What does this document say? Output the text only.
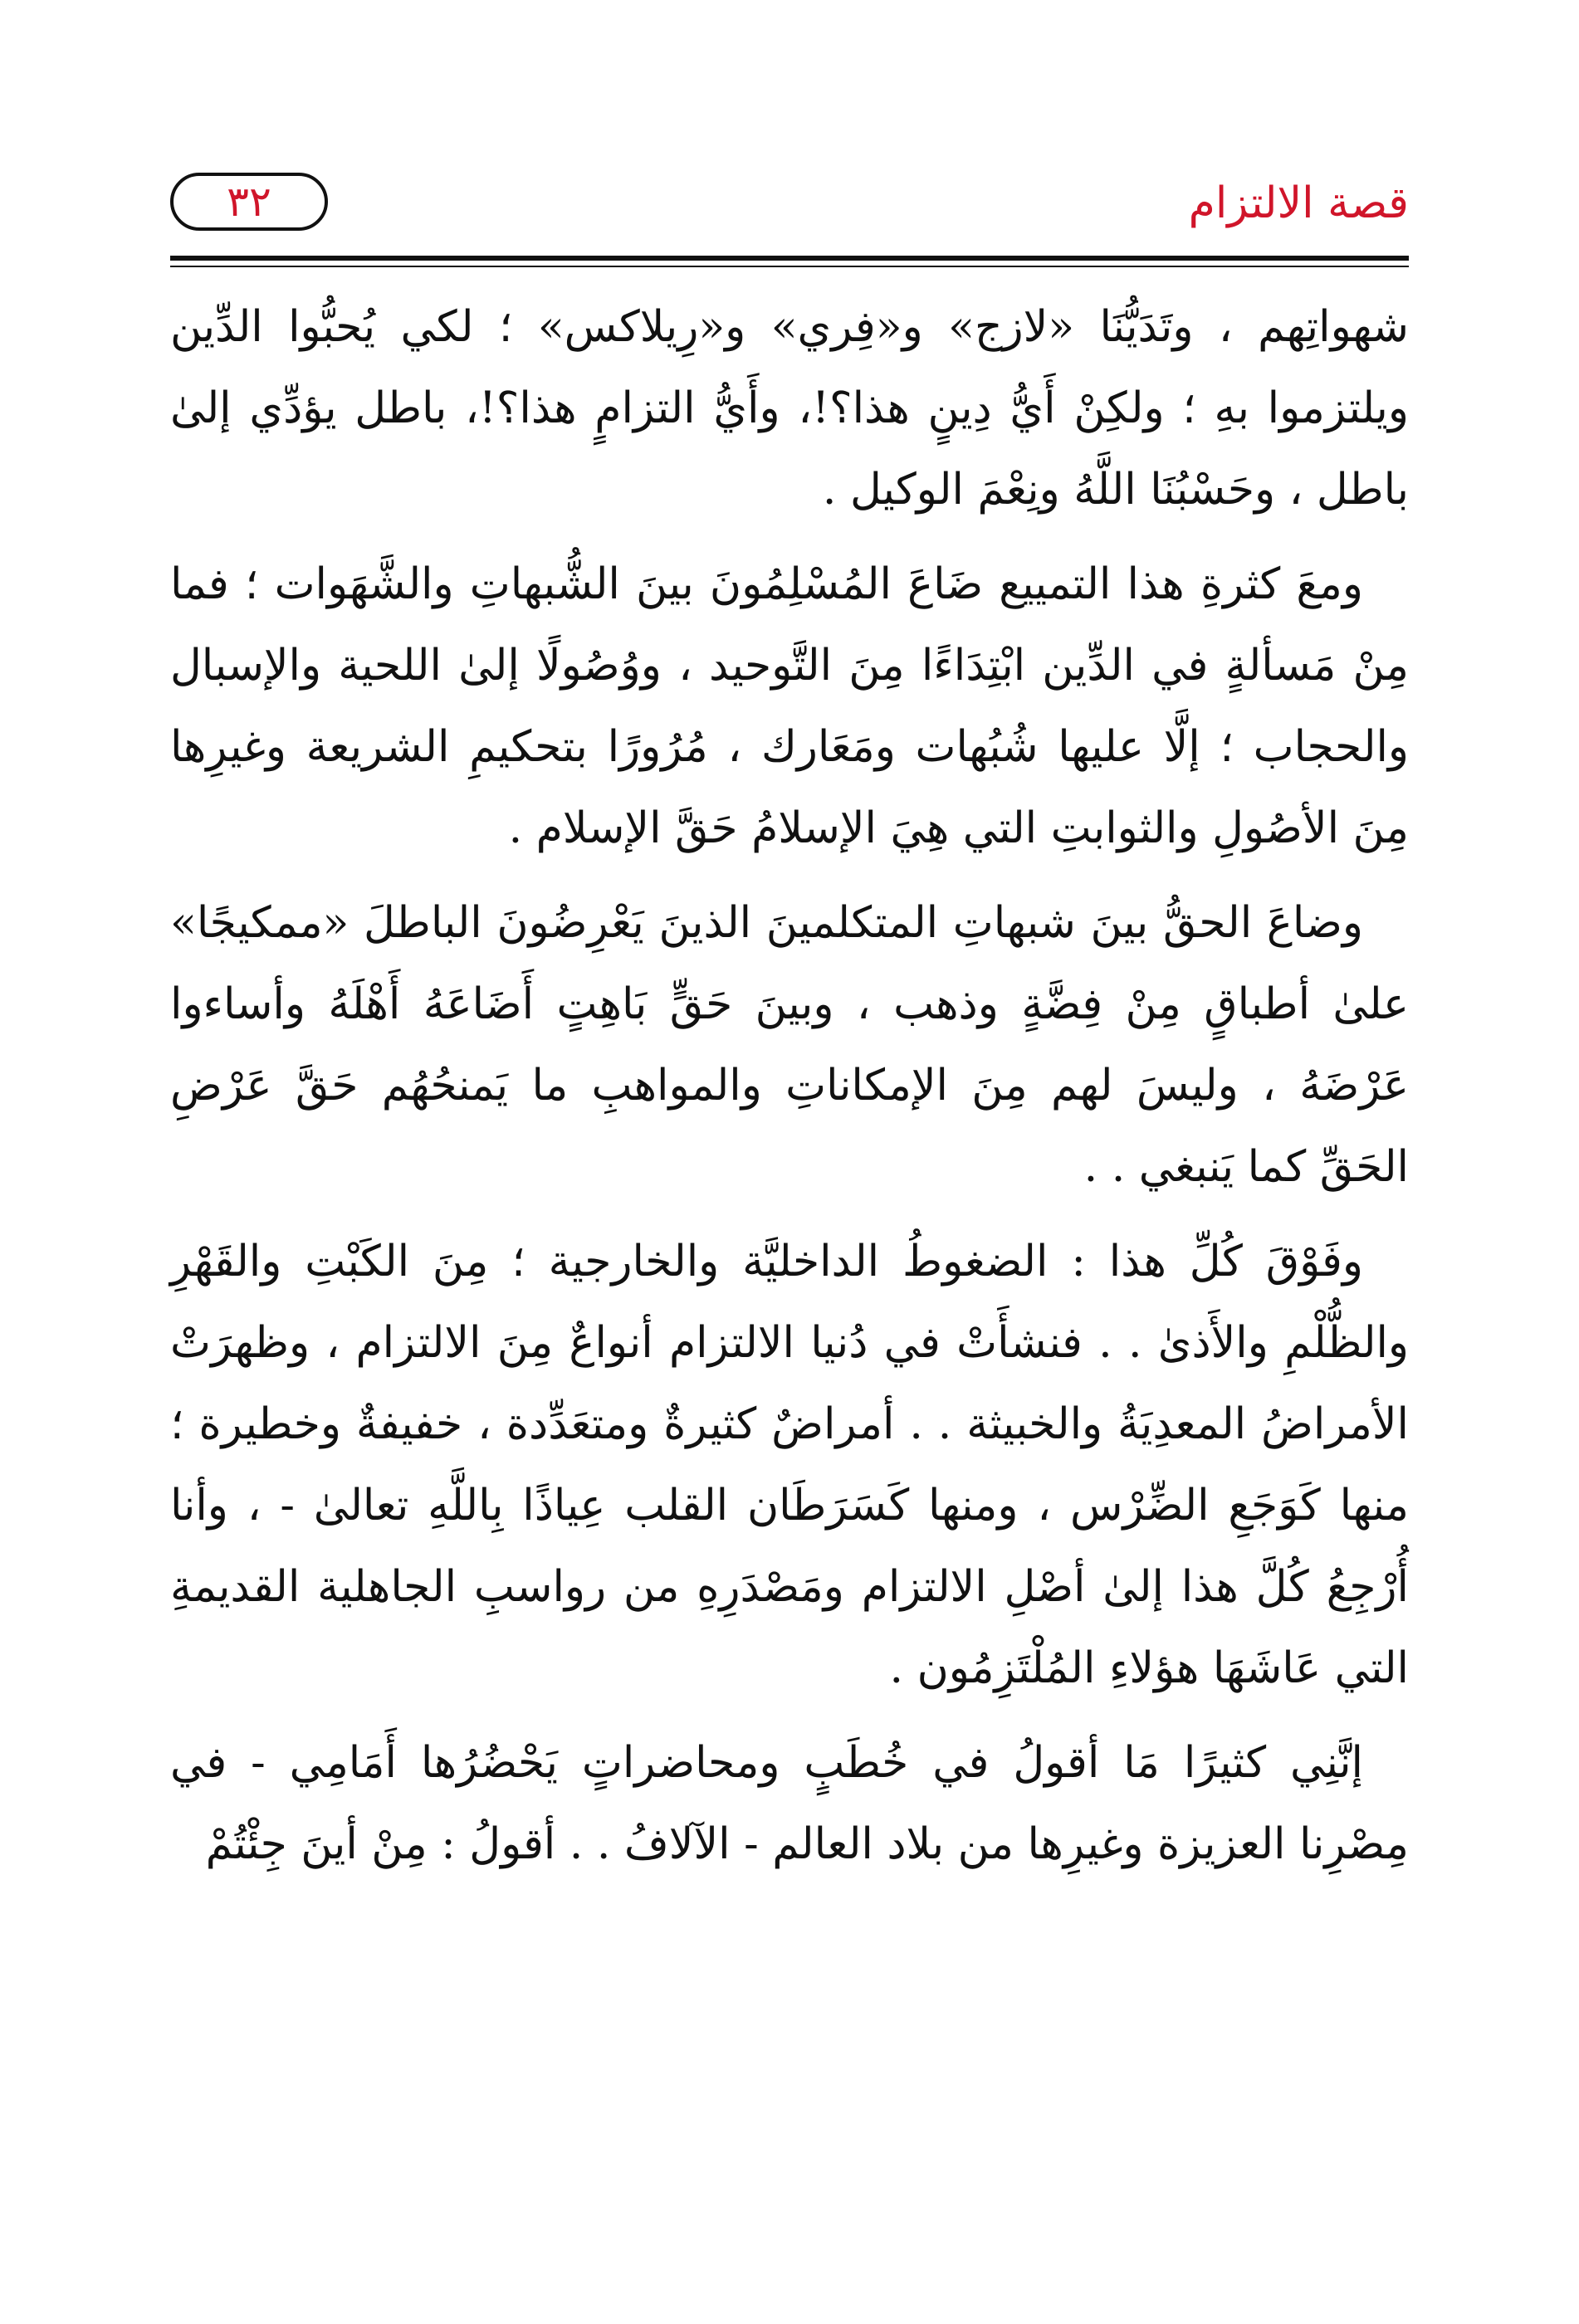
قصة الالتزام
٣٢

شهواتِهم ، وتَدَيُّنَا «لازج» و«فِري» و«رِيلاكس» ؛ لكي يُحبُّوا الدِّين ويلتزموا بهِ ؛ ولكِنْ أَيُّ دِينٍ هذا؟!، وأَيُّ التزامٍ هذا؟!، باطل يؤدِّي إلىٰ باطل ، وحَسْبُنَا اللَّهُ ونِعْمَ الوكيل .

ومعَ كثرةِ هذا التمييع ضَاعَ المُسْلِمُونَ بينَ الشُّبهاتِ والشَّهَوات ؛ فما مِنْ مَسألةٍ في الدِّين ابْتِدَاءًا مِنَ التَّوحيد ، ووُصُولًا إلىٰ اللحية والإسبال والحجاب ؛ إلَّا عليها شُبُهات ومَعَارك ، مُرُورًا بتحكيمِ الشريعة وغيرِها مِنَ الأصُولِ والثوابتِ التي هِيَ الإسلامُ حَقَّ الإسلام .

وضاعَ الحقُّ بينَ شبهاتِ المتكلمينَ الذينَ يَعْرِضُونَ الباطلَ «ممكيجًا» علىٰ أطباقٍ مِنْ فِضَّةٍ وذهب ، وبينَ حَقٍّ بَاهِتٍ أَضَاعَهُ أَهْلَهُ وأساءوا عَرْضَهُ ، وليسَ لهم مِنَ الإمكاناتِ والمواهبِ ما يَمنحُهُم حَقَّ عَرْضِ الحَقِّ كما يَنبغي . .

وفَوْقَ كُلِّ هذا : الضغوطُ الداخليَّة والخارجية ؛ مِنَ الكَبْتِ والقَهْرِ والظُّلْمِ والأَذىٰ . . فنشأَتْ في دُنيا الالتزام أنواعٌ مِنَ الالتزام ، وظهرَتْ الأمراضُ المعدِيَةُ والخبيثة . . أمراضٌ كثيرةٌ ومتعَدِّدة ، خفيفةٌ وخطيرة ؛ منها كَوَجَعِ الضِّرْس ، ومنها كَسَرَطَان القلب عِياذًا بِاللَّهِ تعالىٰ - ، وأنا أُرْجِعُ كُلَّ هذا إلىٰ أصْلِ الالتزام ومَصْدَرِهِ من رواسبِ الجاهلية القديمةِ التي عَاشَهَا هؤلاءِ المُلْتَزِمُون .

إنَّنِي كثيرًا مَا أقولُ في خُطَبٍ ومحاضراتٍ يَحْضُرُها أَمَامِي - في مِصْرِنا العزيزة وغيرِها من بلاد العالم - الآلافُ . . أقولُ : مِنْ أينَ جِئْتُمْ
